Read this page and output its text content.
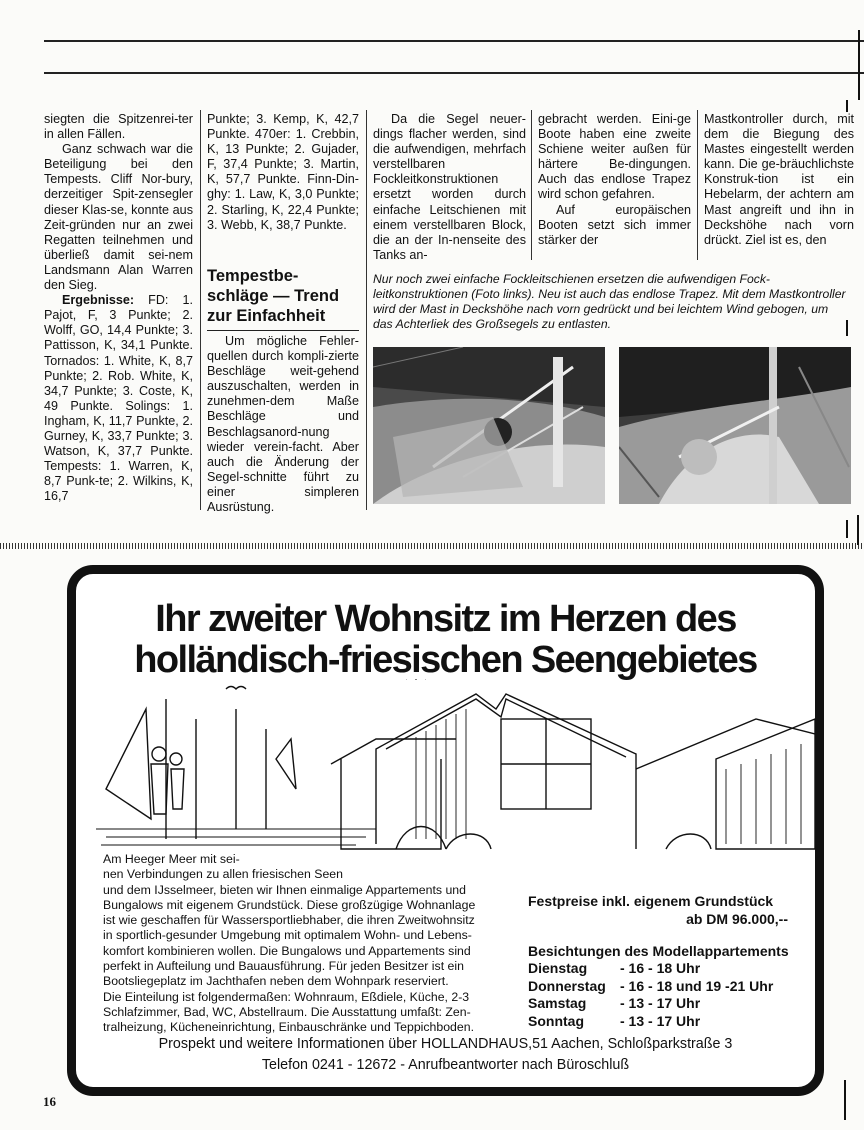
siegten die Spitzenrei-ter in allen Fällen.

Ganz schwach war die Beteiligung bei den Tempests. Cliff Nor-bury, derzeitiger Spit-zensegler dieser Klas-se, konnte aus Zeit-gründen nur an zwei Regatten teilnehmen und überließ damit sei-nem Landsmann Alan Warren den Sieg.

Ergebnisse: FD: 1. Pajot, F, 3 Punkte; 2. Wolff, GO, 14,4 Punkte; 3. Pattisson, K, 34,1 Punkte. Tornados: 1. White, K, 8,7 Punkte; 2. Rob. White, K, 34,7 Punkte; 3. Coste, K, 49 Punkte. Solings: 1. Ingham, K, 11,7 Punkte, 2. Gurney, K, 33,7 Punkte; 3. Watson, K, 37,7 Punkte. Tempests: 1. Warren, K, 8,7 Punk-te; 2. Wilkins, K, 16,7

Punkte; 3. Kemp, K, 42,7 Punkte. 470er: 1. Crebbin, K, 13 Punkte; 2. Gujader, F, 37,4 Punkte; 3. Martin, K, 57,7 Punkte. Finn-Din-ghy: 1. Law, K, 3,0 Punkte; 2. Starling, K, 22,4 Punkte; 3. Webb, K, 38,7 Punkte.

Tempestbe-schläge — Trend zur Einfachheit

Um mögliche Fehler-quellen durch kompli-zierte Beschläge weit-gehend auszuschalten, werden in zunehmen-dem Maße Beschläge und Beschlagsanord-nung wieder verein-facht. Aber auch die Änderung der Segel-schnitte führt zu einer simpleren Ausrüstung.

Da die Segel neuer-dings flacher werden, sind die aufwendigen, mehrfach verstellbaren Fockleitkonstruktionen ersetzt worden durch einfache Leitschienen mit einem verstellbaren Block, die an der In-nenseite des Tanks an-

gebracht werden. Eini-ge Boote haben eine zweite Schiene weiter außen für härtere Be-dingungen. Auch das endlose Trapez wird schon gefahren.

Auf europäischen Booten setzt sich immer stärker der

Mastkontroller durch, mit dem die Biegung des Mastes eingestellt werden kann. Die ge-bräuchlichste Konstruk-tion ist ein Hebelarm, der achtern am Mast angreift und ihn in Deckshöhe nach vorn drückt. Ziel ist es, den

Nur noch zwei einfache Fockleitschienen ersetzen die aufwendigen Fock-leitkonstruktionen (Foto links). Neu ist auch das endlose Trapez. Mit dem Mastkontroller wird der Mast in Deckshöhe nach vorn gedrückt und bei leichtem Wind gebogen, um das Achterliek des Großsegels zu entlasten.
Ihr zweiter Wohnsitz im Herzen des
holländisch-friesischen Seengebietes
Am Heeger Meer mit sei-
nen Verbindungen zu allen friesischen Seen
und dem IJsselmeer, bieten wir Ihnen einmalige Appartements und
Bungalows mit eigenem Grundstück. Diese großzügige Wohnanlage
ist wie geschaffen für Wassersportliebhaber, die ihren Zweitwohnsitz
in sportlich-gesunder Umgebung mit optimalem Wohn- und Lebens-
komfort kombinieren wollen. Die Bungalows und Appartements sind
perfekt in Aufteilung und Bauausführung. Für jeden Besitzer ist ein
Bootsliegeplatz im Jachthafen neben dem Wohnpark reserviert.
Die Einteilung ist folgendermaßen: Wohnraum, Eßdiele, Küche, 2-3
Schlafzimmer, Bad, WC, Abstellraum. Die Ausstattung umfaßt: Zen-
tralheizung, Kücheneinrichtung, Einbauschränke und Teppichboden.
Festpreise inkl. eigenem Grundstück
ab DM 96.000,--
Besichtungen des Modellappartements
Dienstag - 16 - 18 Uhr
Donnerstag - 16 - 18 und 19 -21 Uhr
Samstag - 13 - 17 Uhr
Sonntag	- 13 - 17 Uhr
Prospekt und weitere Informationen über HOLLANDHAUS,51 Aachen, Schloßparkstraße 3
Telefon 0241 - 12672 - Anrufbeantworter nach Büroschluß
16
